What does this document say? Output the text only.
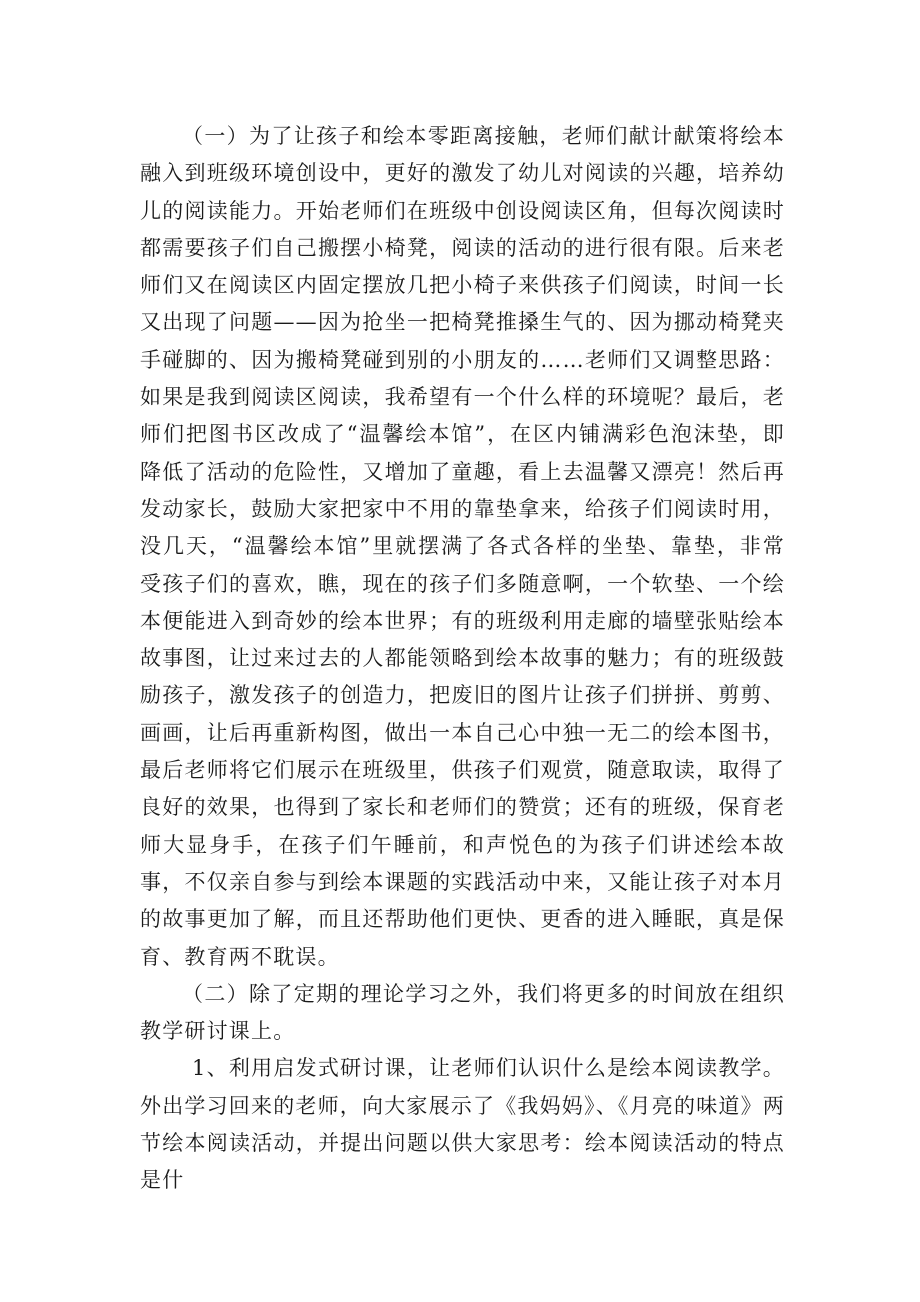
（一）为了让孩子和绘本零距离接触，老师们献计献策将绘本融入到班级环境创设中，更好的激发了幼儿对阅读的兴趣，培养幼儿的阅读能力。开始老师们在班级中创设阅读区角，但每次阅读时都需要孩子们自己搬摆小椅凳，阅读的活动的进行很有限。后来老师们又在阅读区内固定摆放几把小椅子来供孩子们阅读，时间一长又出现了问题——因为抢坐一把椅凳推搡生气的、因为挪动椅凳夹手碰脚的、因为搬椅凳碰到别的小朋友的……老师们又调整思路：如果是我到阅读区阅读，我希望有一个什么样的环境呢？最后，老师们把图书区改成了“温馨绘本馆”，在区内铺满彩色泡沫垫，即降低了活动的危险性，又增加了童趣，看上去温馨又漂亮！然后再发动家长，鼓励大家把家中不用的靠垫拿来，给孩子们阅读时用，没几天，“温馨绘本馆”里就摆满了各式各样的坐垫、靠垫，非常受孩子们的喜欢，瞧，现在的孩子们多随意啊，一个软垫、一个绘本便能进入到奇妙的绘本世界；有的班级利用走廊的墙壁张贴绘本故事图，让过来过去的人都能领略到绘本故事的魅力；有的班级鼓励孩子，激发孩子的创造力，把废旧的图片让孩子们拼拼、剪剪、画画，让后再重新构图，做出一本自己心中独一无二的绘本图书，最后老师将它们展示在班级里，供孩子们观赏，随意取读，取得了良好的效果，也得到了家长和老师们的赞赏；还有的班级，保育老师大显身手，在孩子们午睡前，和声悦色的为孩子们讲述绘本故事，不仅亲自参与到绘本课题的实践活动中来，又能让孩子对本月的故事更加了解，而且还帮助他们更快、更香的进入睡眠，真是保育、教育两不耽误。

（二）除了定期的理论学习之外，我们将更多的时间放在组织教学研讨课上。

1、利用启发式研讨课，让老师们认识什么是绘本阅读教学。外出学习回来的老师，向大家展示了《我妈妈》、《月亮的味道》两节绘本阅读活动，并提出问题以供大家思考：绘本阅读活动的特点是什
